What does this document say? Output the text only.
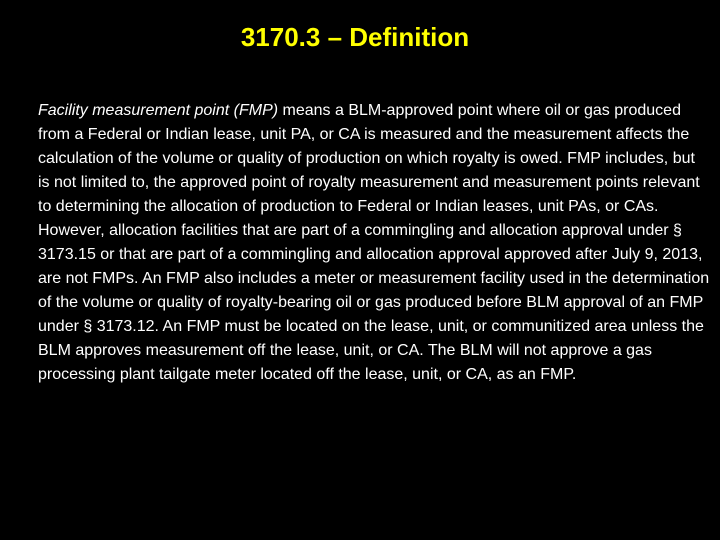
3170.3 – Definition

Facility measurement point (FMP) means a BLM-approved point where oil or gas produced from a Federal or Indian lease, unit PA, or CA is measured and the measurement affects the calculation of the volume or quality of production on which royalty is owed. FMP includes, but is not limited to, the approved point of royalty measurement and measurement points relevant to determining the allocation of production to Federal or Indian leases, unit PAs, or CAs. However, allocation facilities that are part of a commingling and allocation approval under § 3173.15 or that are part of a commingling and allocation approval approved after July 9, 2013, are not FMPs. An FMP also includes a meter or measurement facility used in the determination of the volume or quality of royalty-bearing oil or gas produced before BLM approval of an FMP under § 3173.12. An FMP must be located on the lease, unit, or communitized area unless the BLM approves measurement off the lease, unit, or CA. The BLM will not approve a gas processing plant tailgate meter located off the lease, unit, or CA, as an FMP.
